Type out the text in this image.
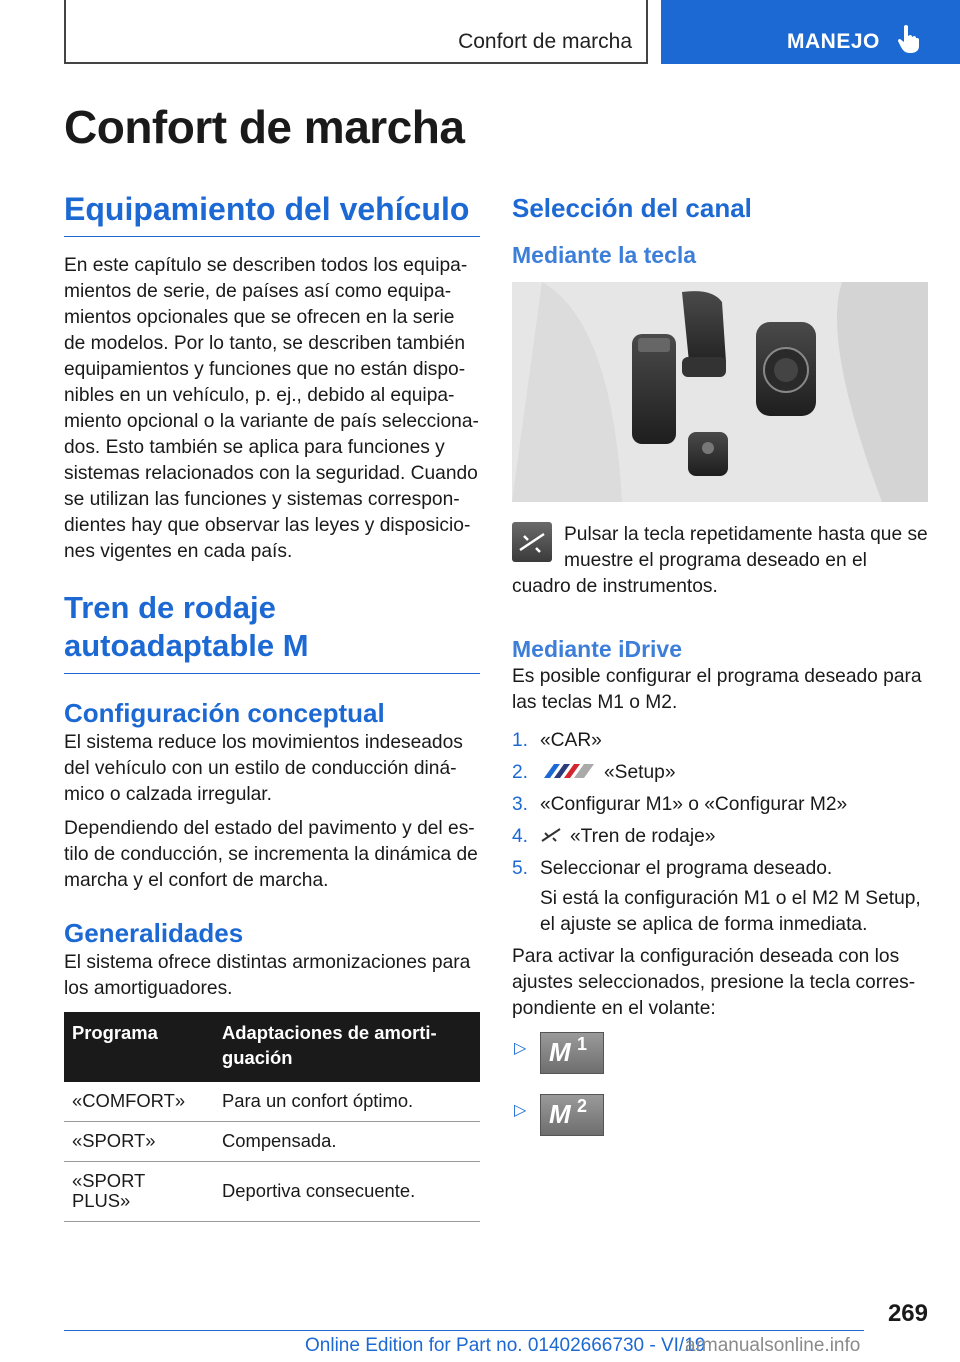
Confort de marcha	MANEJO
Confort de marcha
Equipamiento del vehículo

En este capítulo se describen todos los equipamientos de serie, de países así como equipamientos opcionales que se ofrecen en la serie de modelos. Por lo tanto, se describen también equipamientos y funciones que no están disponibles en un vehículo, p. ej., debido al equipamiento opcional o la variante de país seleccionados. Esto también se aplica para funciones y sistemas relacionados con la seguridad. Cuando se utilizan las funciones y sistemas correspondientes hay que observar las leyes y disposiciones vigentes en cada país.

Tren de rodaje autoadaptable M
Configuración conceptual

El sistema reduce los movimientos indeseados del vehículo con un estilo de conducción dinámico o calzada irregular.

Dependiendo del estado del pavimento y del estilo de conducción, se incrementa la dinámica de marcha y el confort de marcha.

Generalidades

El sistema ofrece distintas armonizaciones para los amortiguadores.

Programa	Adaptaciones de amortiguación
«COMFORT»	Para un confort óptimo.
«SPORT»	Compensada.
«SPORT PLUS»	Deportiva consecuente.
Selección del canal
Mediante la tecla

Pulsar la tecla repetidamente hasta que se muestre el programa deseado en el cuadro de instrumentos.

Mediante iDrive

Es posible configurar el programa deseado para las teclas M1 o M2.

1. «CAR»
2.	«Setup»
3. «Configurar M1» o «Configurar M2»
4. «Tren de rodaje»
5. Seleccionar el programa deseado.
Si está la configuración M1 o el M2 M Setup, el ajuste se aplica de forma inmediata.

Para activar la configuración deseada con los ajustes seleccionados, presione la tecla correspondiente en el volante:

▷ M 1
▷ M 2
269
Online Edition for Part no. 01402666730 - VI/19
armanualsonline.info
